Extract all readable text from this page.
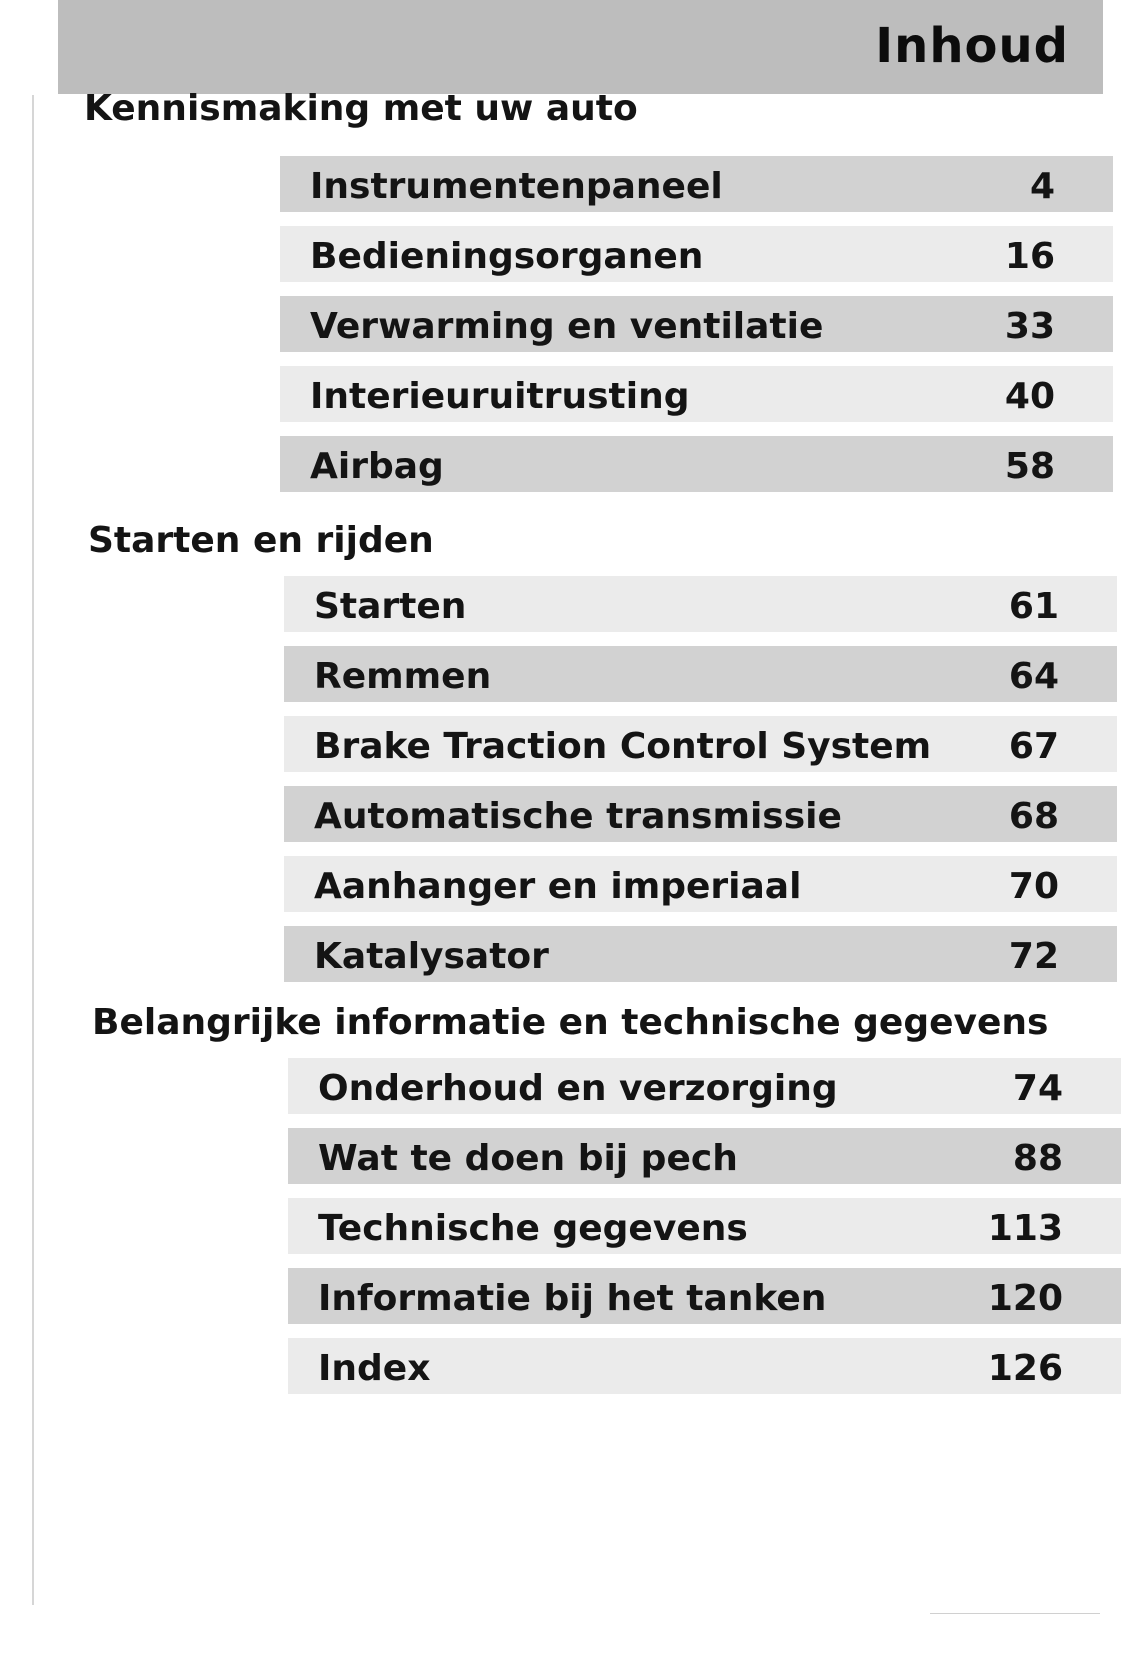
Inhoud
Kennismaking met uw auto
Instrumentenpaneel	4
Bedieningsorganen	16
Verwarming en ventilatie	33
Interieuruitrusting	40
Airbag	58
Starten en rijden
Starten	61
Remmen	64
Brake Traction Control System 67
Automatische transmissie	68
Aanhanger en imperiaal	70
Katalysator	72
Belangrijke informatie en technische gegevens
Onderhoud en verzorging	74
Wat te doen bij pech	88
Technische gegevens	113
Informatie bij het tanken	120
Index	126
